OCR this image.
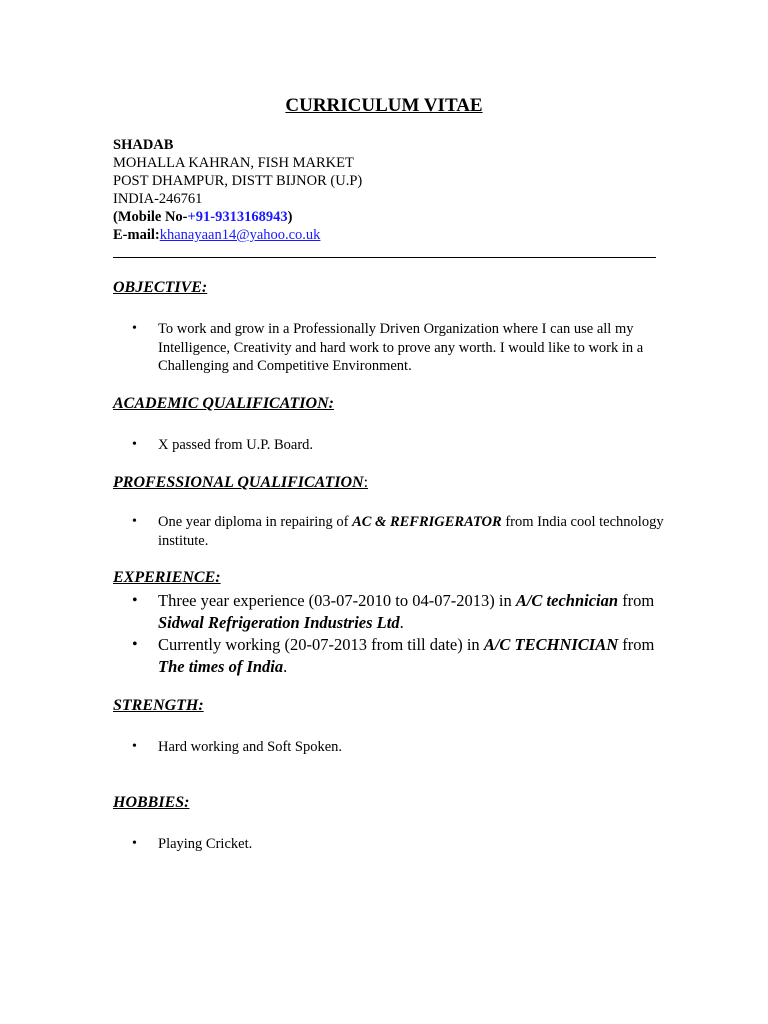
CURRICULUM VITAE
SHADAB
MOHALLA KAHRAN, FISH MARKET
POST DHAMPUR, DISTT BIJNOR (U.P)
INDIA-246761
(Mobile No-+91-9313168943)
E-mail:khanayaan14@yahoo.co.uk
OBJECTIVE:
• To work and grow in a Professionally Driven Organization where I can use all my Intelligence, Creativity and hard work to prove any worth. I would like to work in a Challenging and Competitive Environment.
ACADEMIC QUALIFICATION:
• X passed from U.P. Board.
PROFESSIONAL QUALIFICATION:
• One year diploma in repairing of AC & REFRIGERATOR from India cool technology institute.
EXPERIENCE:
• Three year experience (03-07-2010 to 04-07-2013) in A/C technician from Sidwal Refrigeration Industries Ltd.
• Currently working (20-07-2013 from till date) in A/C TECHNICIAN from The times of India.
STRENGTH:
• Hard working and Soft Spoken.
HOBBIES:
• Playing Cricket.
